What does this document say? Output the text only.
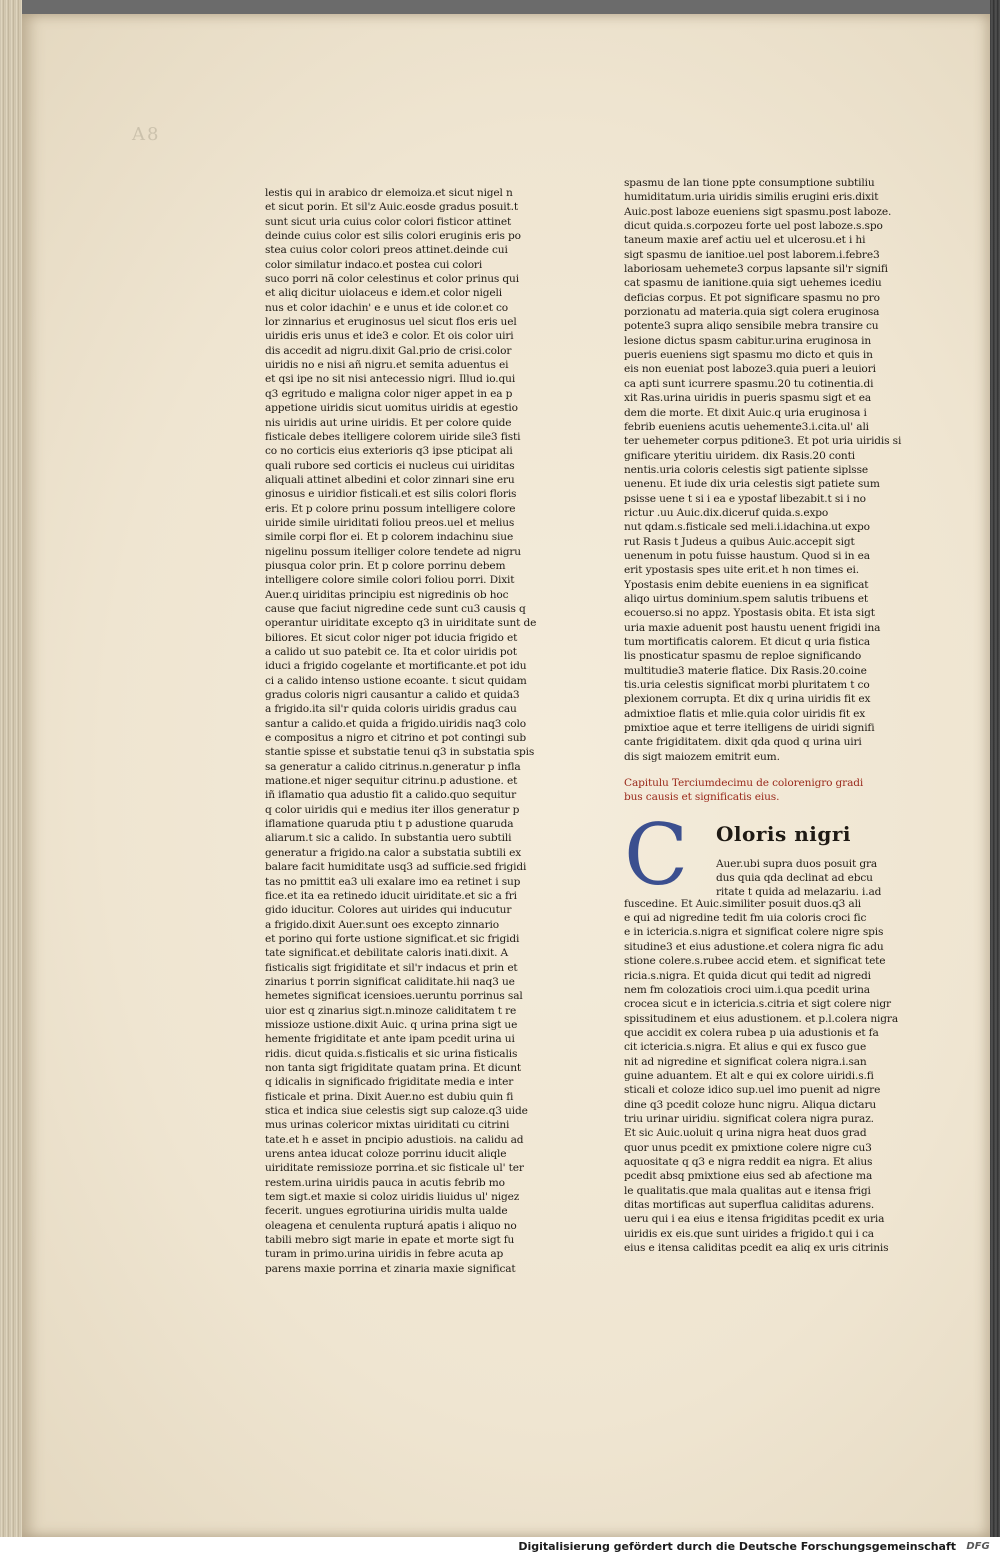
A8
lestis qui in arabico dr elemoiza.et sicut nigel n
et sicut porin. Et sil'z Auic.eosde gradus posuit.t
sunt sicut uria cuius color colori fisticor attinet
deinde cuius color est silis colori eruginis eris po
stea cuius color colori preos attinet.deinde cui
color similatur indaco.et postea cui colori
suco porri nã color celestinus et color prinus qui
et aliq dicitur uiolaceus e idem.et color nigeli
nus et color idachin' e e unus et ide color.et co
lor zinnarius et eruginosus uel sicut flos eris uel
uiridis eris unus et ide3 e color. Et ois color uiri
dis accedit ad nigru.dixit Gal.prio de crisi.color
uiridis no e nisi añ nigru.et semita aduentus ei
et qsi ipe no sit nisi antecessio nigri. Illud io.qui
q3 egritudo e maligna color niger appet in ea p
appetione uiridis sicut uomitus uiridis at egestio
nis uiridis aut urine uiridis. Et per colore quide
fisticale debes itelligere colorem uiride sile3 fisti
co no corticis eius exterioris q3 ipse pticipat ali
quali rubore sed corticis ei nucleus cui uiriditas
aliquali attinet albedini et color zinnari sine eru
ginosus e uiridior fisticali.et est silis colori floris
eris. Et p colore prinu possum intelligere colore
uiride simile uiriditati foliou preos.uel et melius
simile corpi flor ei. Et p colorem indachinu siue
nigelinu possum itelliger colore tendete ad nigru
piusqua color prin. Et p colore porrinu debem
intelligere colore simile colori foliou porri. Dixit
Auer.q uiriditas principiu est nigredinis ob hoc
cause que faciut nigredine cede sunt cu3 causis q
operantur uiriditate excepto q3 in uiriditate sunt de
biliores. Et sicut color niger pot iducia frigido et
a calido ut suo patebit ce. Ita et color uiridis pot
iduci a frigido cogelante et mortificante.et pot idu
ci a calido intenso ustione ecoante. t sicut quidam
gradus coloris nigri causantur a calido et quida3
a frigido.ita sil'r quida coloris uiridis gradus cau
santur a calido.et quida a frigido.uiridis naq3 colo
e compositus a nigro et citrino et pot contingi sub
stantie spisse et substatie tenui q3 in substatia spis
sa generatur a calido citrinus.n.generatur p infla
matione.et niger sequitur citrinu.p adustione. et
iñ iflamatio qua adustio fit a calido.quo sequitur
q color uiridis qui e medius iter illos generatur p
iflamatione quaruda ptiu t p adustione quaruda
aliarum.t sic a calido. In substantia uero subtili
generatur a frigido.na calor a substatia subtili ex
balare facit humiditate usq3 ad sufficie.sed frigidi
tas no pmittit ea3 uli exalare imo ea retinet i sup
fice.et ita ea retinedo iducit uiriditate.et sic a fri
gido iducitur. Colores aut uirides qui inducutur
a frigido.dixit Auer.sunt oes excepto zinnario
et porino qui forte ustione significat.et sic frigidi
tate significat.et debilitate caloris inati.dixit. A
fisticalis sigt frigiditate et sil'r indacus et prin et
zinarius t porrin significat caliditate.hii naq3 ue
hemetes significat icensioes.ueruntu porrinus sal
uior est q zinarius sigt.n.minoze caliditatem t re
missioze ustione.dixit Auic. q urina prina sigt ue
hemente frigiditate et ante ipam pcedit urina ui
ridis. dicut quida.s.fisticalis et sic urina fisticalis
non tanta sigt frigiditate quatam prina. Et dicunt
q idicalis in significado frigiditate media e inter
fisticale et prina. Dixit Auer.no est dubiu quin fi
stica et indica siue celestis sigt sup caloze.q3 uide
mus urinas colericor mixtas uiriditati cu citrini
tate.et h e asset in pncipio adustiois. na calidu ad
urens antea iducat coloze porrinu iducit aliqle
uiriditate remissioze porrina.et sic fisticale ul' ter
restem.urina uiridis pauca in acutis febrib mo
tem sigt.et maxie si coloz uiridis liuidus ul' nigez
fecerit. ungues egrotiurina uiridis multa ualde
oleagena et cenulenta rupturá apatis i aliquo no
tabili mebro sigt marie in epate et morte sigt fu
turam in primo.urina uiridis in febre acuta ap
parens maxie porrina et zinaria maxie significat
spasmu de lan tione ppte consumptione subtiliu
humiditatum.uria uiridis similis erugini eris.dixit
Auic.post laboze eueniens sigt spasmu.post laboze.
dicut quida.s.corpozeu forte uel post laboze.s.spo
taneum maxie aref actiu uel et ulcerosu.et i hi
sigt spasmu de ianitioe.uel post laborem.i.febre3
laboriosam uehemete3 corpus lapsante sil'r signifi
cat spasmu de ianitione.quia sigt uehemes icediu
deficias corpus. Et pot significare spasmu no pro
porzionatu ad materia.quia sigt colera eruginosa
potente3 supra aliqo sensibile mebra transire cu
lesione dictus spasm cabitur.urina eruginosa in
pueris eueniens sigt spasmu mo dicto et quis in
eis non eueniat post laboze3.quia pueri a leuiori
ca apti sunt icurrere spasmu.20 tu cotinentia.di
xit Ras.urina uiridis in pueris spasmu sigt et ea
dem die morte. Et dixit Auic.q uria eruginosa i
febrib eueniens acutis uehemente3.i.cita.ul' ali
ter uehemeter corpus pditione3. Et pot uria uiridis si
gnificare yteritiu uiridem. dix Rasis.20 conti
nentis.uria coloris celestis sigt patiente siplsse
uenenu. Et iude dix uria celestis sigt patiete sum
psisse uene t si i ea e ypostaf libezabit.t si i no
rictur .uu Auic.dix.diceruf quida.s.expo
nut qdam.s.fisticale sed meli.i.idachina.ut expo
rut Rasis t Judeus a quibus Auic.accepit sigt
uenenum in potu fuisse haustum. Quod si in ea
erit ypostasis spes uite erit.et h non times ei.
Ypostasis enim debite eueniens in ea significat
aliqo uirtus dominium.spem salutis tribuens et
ecouerso.si no appz. Ypostasis obita. Et ista sigt
uria maxie aduenit post haustu uenent frigidi ina
tum mortificatis calorem. Et dicut q uria fistica
lis pnosticatur spasmu de reploe significando
multitudie3 materie flatice. Dix Rasis.20.coine
tis.uria celestis significat morbi pluritatem t co
plexionem corrupta. Et dix q urina uiridis fit ex
admixtioe flatis et mlie.quia color uiridis fit ex
pmixtioe aque et terre itelligens de uiridi signifi
cante frigiditatem. dixit qda quod q urina uiri
dis sigt maiozem emitrit eum.
Capitulu Terciumdecimu de colorenigro gradi
bus causis et significatis eius.
C Oloris nigri
Auer.ubi supra duos posuit gra
dus quia qda declinat ad ebcu
ritate t quida ad melazariu. i.ad
fuscedine. Et Auic.similiter posuit duos.q3 ali
e qui ad nigredine tedit fm uia coloris croci fic
e in ictericia.s.nigra et significat colere nigre spis
situdine3 et eius adustione.et colera nigra fic adu
stione colere.s.rubee accid etem. et significat tete
ricia.s.nigra. Et quida dicut qui tedit ad nigredi
nem fm colozatiois croci uim.i.qua pcedit urina
crocea sicut e in ictericia.s.citria et sigt colere nigr
spissitudinem et eius adustionem. et p.l.colera nigra
que accidit ex colera rubea p uia adustionis et fa
cit ictericia.s.nigra. Et alius e qui ex fusco gue
nit ad nigredine et significat colera nigra.i.san
guine aduantem. Et alt e qui ex colore uiridi.s.fi
sticali et coloze idico sup.uel imo puenit ad nigre
dine q3 pcedit coloze hunc nigru. Aliqua dictaru
triu urinar uiridiu. significat colera nigra puraz.
Et sic Auic.uoluit q urina nigra heat duos grad
quor unus pcedit ex pmixtione colere nigre cu3
aquositate q q3 e nigra reddit ea nigra. Et alius
pcedit absq pmixtione eius sed ab afectione ma
le qualitatis.que mala qualitas aut e itensa frigi
ditas mortificas aut superflua caliditas adurens.
ueru qui i ea eius e itensa frigiditas pcedit ex uria
uiridis ex eis.que sunt uirides a frigido.t qui i ca
eius e itensa caliditas pcedit ea aliq ex uris citrinis
Digitalisierung gefördert durch die Deutsche Forschungsgemeinschaft	DFG
